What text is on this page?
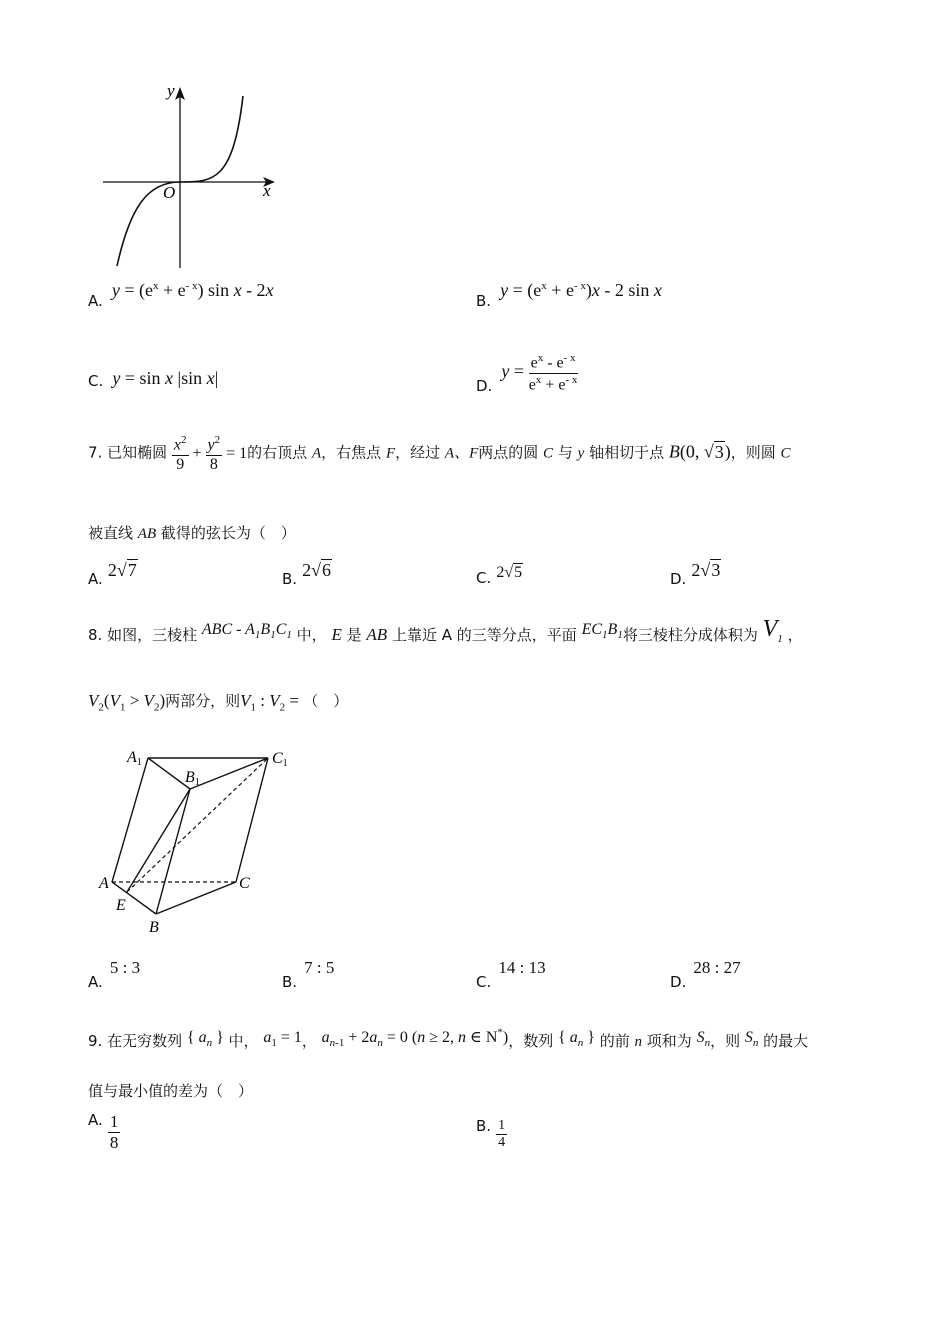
y
x
O
A. $y = (e^x + e^{- x})$ sin x - 2x
B. $y = (e^x + e^{- x})x - 2$ sin x
C. y = sin x |sin x|	D. $y = \frac{e^x - e^{- x}}{e^x + e^{- x}}$
7. 已知椭圆 $\frac{x^2}{9} + \frac{y^2}{8} = 1$的右顶点 A，右焦点 F，经过 A、F两点的圆 C 与 y 轴相切于点 B(0, √3)，则圆 C
被直线 AB 截得的弦长为（　）
A. 2√7	B. 2√6	C. 2√5	D. 2√3
8. 如图，三棱柱 ABC - $A_1B_1C_1$ 中， E 是 AB 上靠近 A 的三等分点，平面 $EC_1B_1$将三棱柱分成体积为 $V_1$ ，
$V_2(V_1 > V_2)$两部分，则$V_1$ : $V_2$ = （　）
A1
B1
C1
A	C
E
B
A. 5 : 3
B. 7 : 5
C. 14 : 13
D. 28 : 27
9. 在无穷数列 { $a_n$ } 中， $a_1 = 1$， $a_{n-1} + 2a_n = 0$ (n ≥ 2, n ∈ N*)，数列 { $a_n$ } 的前 n 项和为 $S_n$，则 $S_n$ 的最大
值与最小值的差为（　）
A. $\frac{1}{8}$	B. $\frac{1}{4}$
